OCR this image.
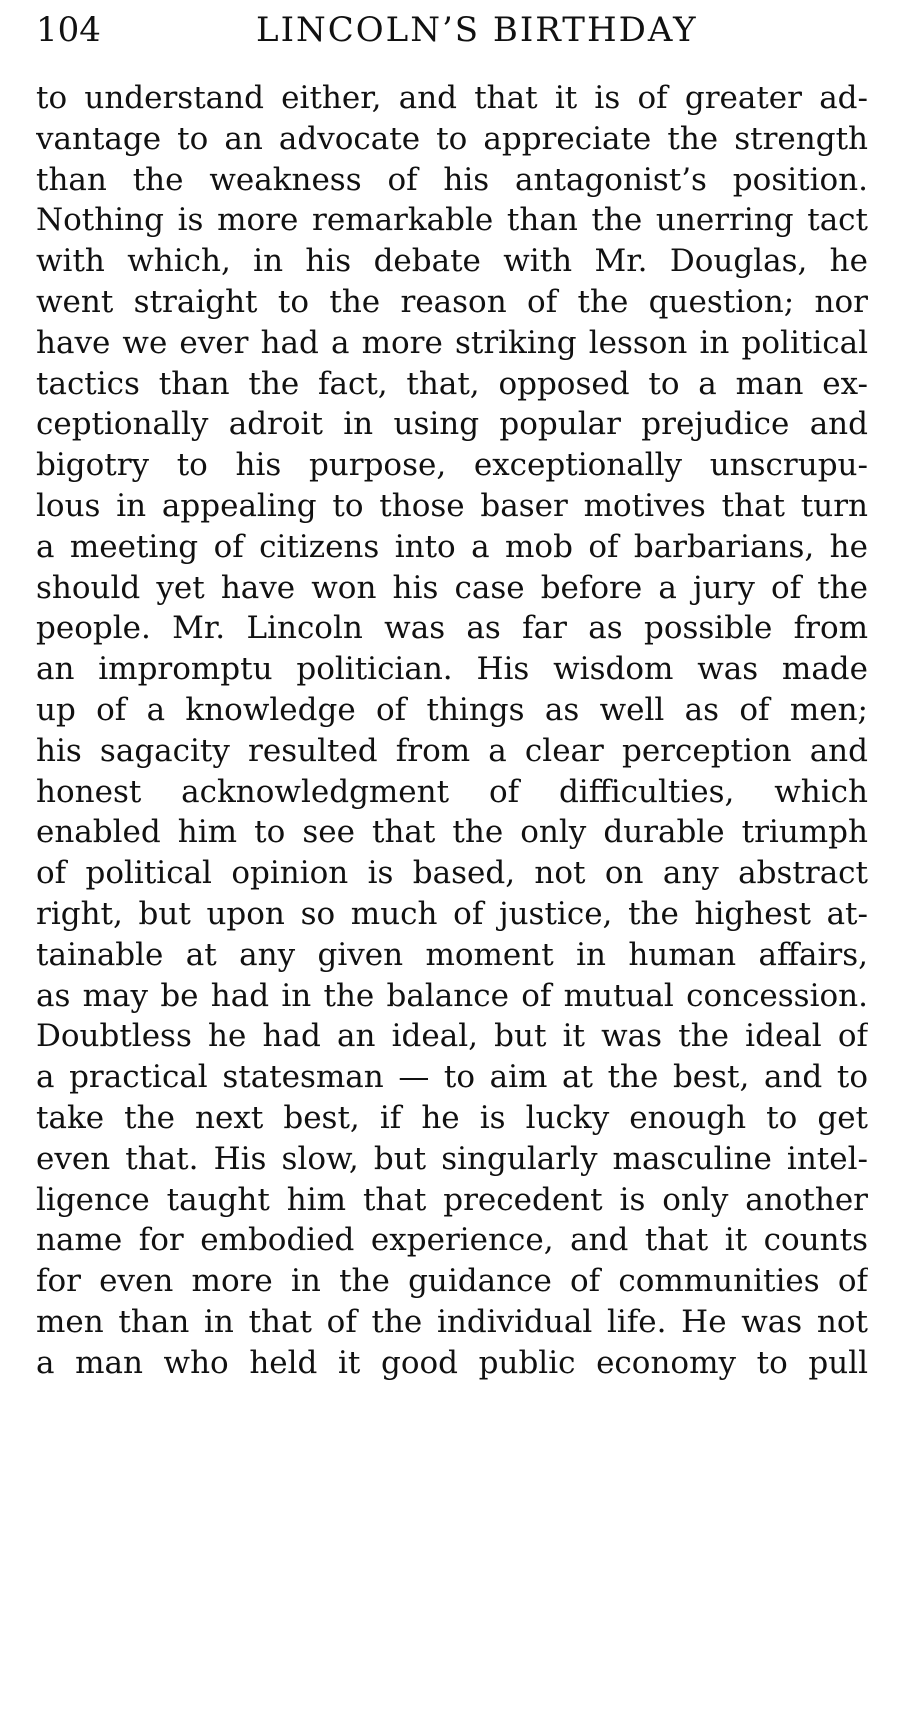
104	LINCOLN’S BIRTHDAY
to understand either, and that it is of greater ad-
vantage to an advocate to appreciate the strength
than the weakness of his antagonist’s position.
Nothing is more remarkable than the unerring tact
with which, in his debate with Mr. Douglas, he
went straight to the reason of the question; nor
have we ever had a more striking lesson in political
tactics than the fact, that, opposed to a man ex-
ceptionally adroit in using popular prejudice and
bigotry to his purpose, exceptionally unscrupu-
lous in appealing to those baser motives that turn
a meeting of citizens into a mob of barbarians, he
should yet have won his case before a jury of the
people. Mr. Lincoln was as far as possible from
an impromptu politician. His wisdom was made
up of a knowledge of things as well as of men;
his sagacity resulted from a clear perception and
honest acknowledgment of difficulties, which
enabled him to see that the only durable triumph
of political opinion is based, not on any abstract
right, but upon so much of justice, the highest at-
tainable at any given moment in human affairs,
as may be had in the balance of mutual concession.
Doubtless he had an ideal, but it was the ideal of
a practical statesman — to aim at the best, and to
take the next best, if he is lucky enough to get
even that. His slow, but singularly masculine intel-
ligence taught him that precedent is only another
name for embodied experience, and that it counts
for even more in the guidance of communities of
men than in that of the individual life. He was not
a man who held it good public economy to pull
